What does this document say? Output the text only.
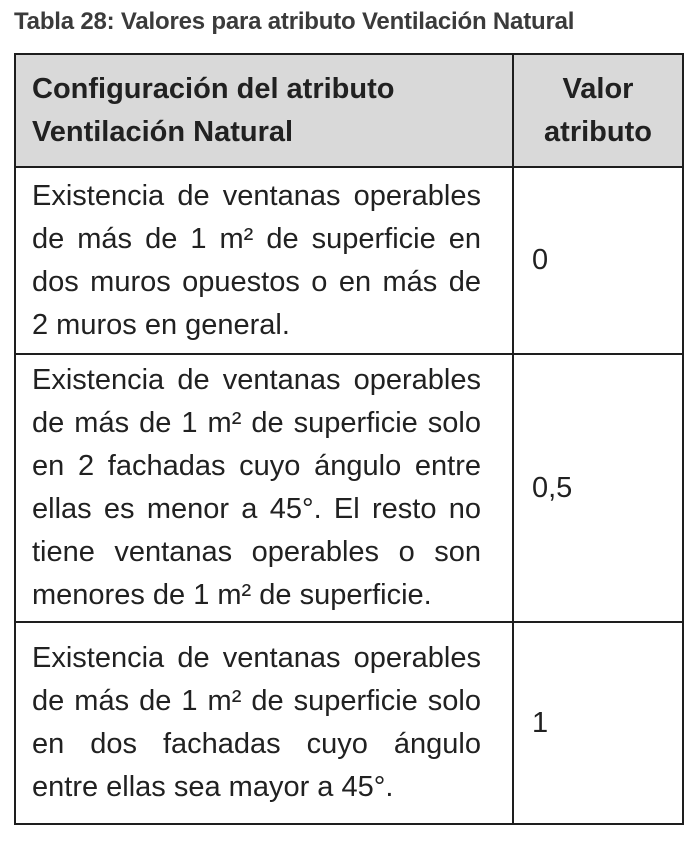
Tabla 28: Valores para atributo Ventilación Natural
Configuración del atributo Ventilación Natural	Valor atributo
Existencia de ventanas operables de más de 1 m² de superficie en dos muros opuestos o en más de 2 muros en general.	0
Existencia de ventanas operables de más de 1 m² de superficie solo en 2 fachadas cuyo ángulo entre ellas es menor a 45°. El resto no tiene ventanas operables o son menores de 1 m² de superficie.	0,5
Existencia de ventanas operables de más de 1 m² de superficie solo en dos fachadas cuyo ángulo entre ellas sea mayor a 45°.	1
